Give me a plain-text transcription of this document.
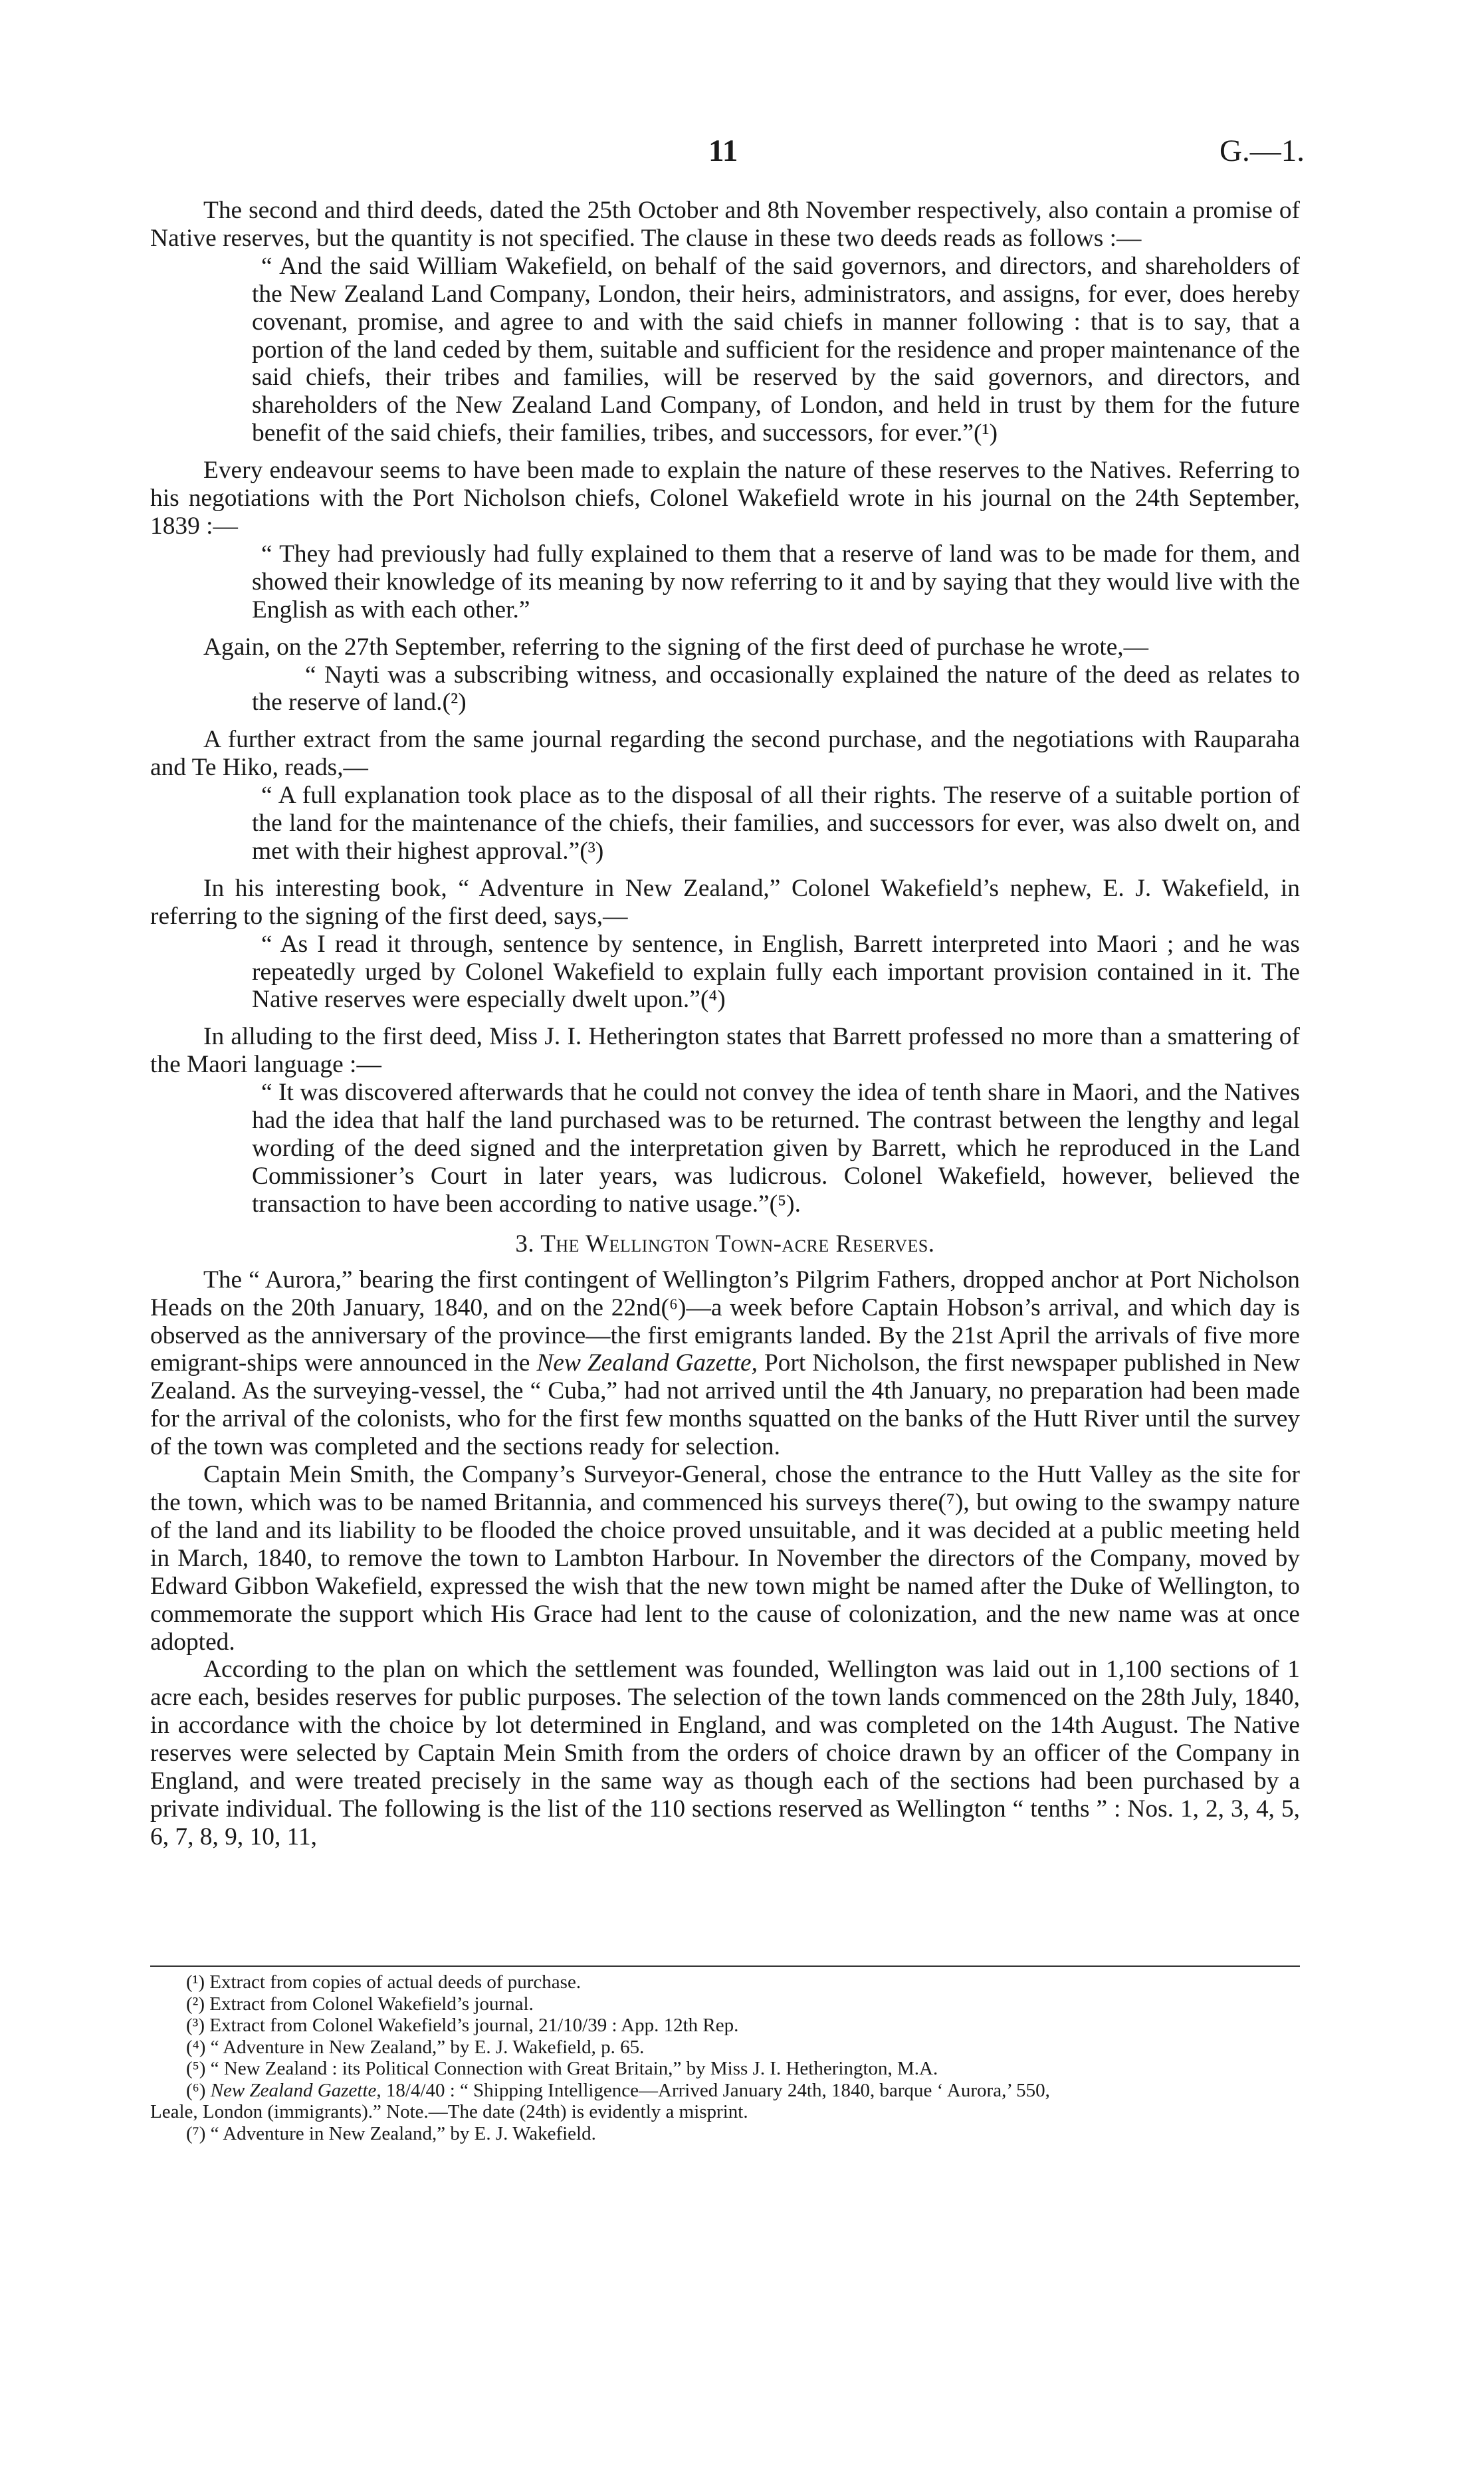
11	G.—1.

The second and third deeds, dated the 25th October and 8th November respectively, also contain a promise of Native reserves, but the quantity is not specified. The clause in these two deeds reads as follows :—

“ And the said William Wakefield, on behalf of the said governors, and directors, and shareholders of the New Zealand Land Company, London, their heirs, administrators, and assigns, for ever, does hereby covenant, promise, and agree to and with the said chiefs in manner following : that is to say, that a portion of the land ceded by them, suitable and sufficient for the residence and proper maintenance of the said chiefs, their tribes and families, will be reserved by the said governors, and directors, and shareholders of the New Zealand Land Company, of London, and held in trust by them for the future benefit of the said chiefs, their families, tribes, and successors, for ever.”(¹)

Every endeavour seems to have been made to explain the nature of these reserves to the Natives. Referring to his negotiations with the Port Nicholson chiefs, Colonel Wakefield wrote in his journal on the 24th September, 1839 :—

“ They had previously had fully explained to them that a reserve of land was to be made for them, and showed their knowledge of its meaning by now referring to it and by saying that they would live with the English as with each other.”

Again, on the 27th September, referring to the signing of the first deed of purchase he wrote,—

“ Nayti was a subscribing witness, and occasionally explained the nature of the deed as relates to the reserve of land.(²)

A further extract from the same journal regarding the second purchase, and the negotiations with Rauparaha and Te Hiko, reads,—

“ A full explanation took place as to the disposal of all their rights. The reserve of a suitable portion of the land for the maintenance of the chiefs, their families, and successors for ever, was also dwelt on, and met with their highest approval.”(³)

In his interesting book, “ Adventure in New Zealand,” Colonel Wakefield’s nephew, E. J. Wakefield, in referring to the signing of the first deed, says,—

“ As I read it through, sentence by sentence, in English, Barrett interpreted into Maori ; and he was repeatedly urged by Colonel Wakefield to explain fully each important provision contained in it. The Native reserves were especially dwelt upon.”(⁴)

In alluding to the first deed, Miss J. I. Hetherington states that Barrett professed no more than a smattering of the Maori language :—

“ It was discovered afterwards that he could not convey the idea of tenth share in Maori, and the Natives had the idea that half the land purchased was to be returned. The contrast between the lengthy and legal wording of the deed signed and the interpretation given by Barrett, which he reproduced in the Land Commissioner’s Court in later years, was ludicrous. Colonel Wakefield, however, believed the transaction to have been according to native usage.”(⁵).

3. The Wellington Town-acre Reserves.

The “ Aurora,” bearing the first contingent of Wellington’s Pilgrim Fathers, dropped anchor at Port Nicholson Heads on the 20th January, 1840, and on the 22nd(⁶)—a week before Captain Hobson’s arrival, and which day is observed as the anniversary of the province—the first emigrants landed. By the 21st April the arrivals of five more emigrant-ships were announced in the New Zealand Gazette, Port Nicholson, the first newspaper published in New Zealand. As the surveying-vessel, the “ Cuba,” had not arrived until the 4th January, no preparation had been made for the arrival of the colonists, who for the first few months squatted on the banks of the Hutt River until the survey of the town was completed and the sections ready for selection.

Captain Mein Smith, the Company’s Surveyor-General, chose the entrance to the Hutt Valley as the site for the town, which was to be named Britannia, and commenced his surveys there(⁷), but owing to the swampy nature of the land and its liability to be flooded the choice proved unsuitable, and it was decided at a public meeting held in March, 1840, to remove the town to Lambton Harbour. In November the directors of the Company, moved by Edward Gibbon Wakefield, expressed the wish that the new town might be named after the Duke of Wellington, to commemorate the support which His Grace had lent to the cause of colonization, and the new name was at once adopted.

According to the plan on which the settlement was founded, Wellington was laid out in 1,100 sections of 1 acre each, besides reserves for public purposes. The selection of the town lands commenced on the 28th July, 1840, in accordance with the choice by lot determined in England, and was completed on the 14th August. The Native reserves were selected by Captain Mein Smith from the orders of choice drawn by an officer of the Company in England, and were treated precisely in the same way as though each of the sections had been purchased by a private individual. The following is the list of the 110 sections reserved as Wellington “ tenths ” : Nos. 1, 2, 3, 4, 5, 6, 7, 8, 9, 10, 11,

(¹) Extract from copies of actual deeds of purchase.

(²) Extract from Colonel Wakefield’s journal.

(³) Extract from Colonel Wakefield’s journal, 21/10/39 : App. 12th Rep.

(⁴) “ Adventure in New Zealand,” by E. J. Wakefield, p. 65.

(⁵) “ New Zealand : its Political Connection with Great Britain,” by Miss J. I. Hetherington, M.A.

(⁶) New Zealand Gazette, 18/4/40 : “ Shipping Intelligence—Arrived January 24th, 1840, barque ‘ Aurora,’ 550,

Leale, London (immigrants).” Note.—The date (24th) is evidently a misprint.

(⁷) “ Adventure in New Zealand,” by E. J. Wakefield.
